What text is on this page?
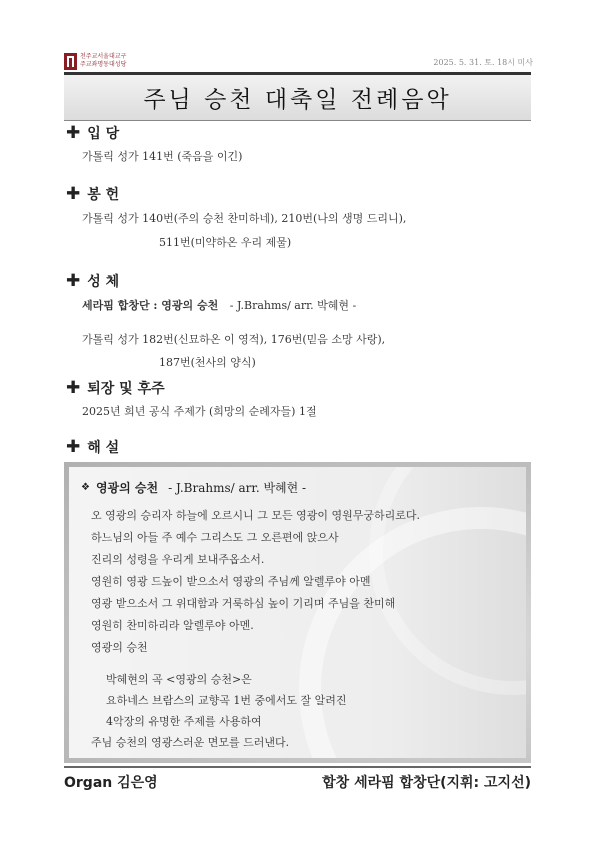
천주교서울대교구
주교좌명동대성당	2025. 5. 31. 토. 18시 미사
주님 승천 대축일 전례음악
✚ 입 당
가톨릭 성가 141번 (죽음을 이긴)
✚ 봉 헌
가톨릭 성가 140번(주의 승천 찬미하네), 210번(나의 생명 드리니),
511번(미약하온 우리 제물)
✚ 성 체
세라핌 합창단 : 영광의 승천 - J.Brahms/ arr. 박혜현 -
가톨릭 성가 182번(신묘하온 이 영적), 176번(믿음 소망 사랑),
187번(천사의 양식)
✚ 퇴장 및 후주
2025년 희년 공식 주제가 (희망의 순례자들) 1절
✚ 해 설
❖ 영광의 승천 - J.Brahms/ arr. 박혜현 -
오 영광의 승리자 하늘에 오르시니 그 모든 영광이 영원무궁하리로다.
하느님의 아들 주 예수 그리스도 그 오른편에 앉으사
진리의 성령을 우리게 보내주옵소서.
영원히 영광 드높이 받으소서 영광의 주님께 알렐루야 아멘
영광 받으소서 그 위대함과 거룩하심 높이 기리며 주님을 찬미해
영원히 찬미하리라 알렐루야 아멘.
영광의 승천
박혜현의 곡 <영광의 승천>은
요하네스 브람스의 교향곡 1번 중에서도 잘 알려진
4악장의 유명한 주제를 사용하여
주님 승천의 영광스러운 면모를 드러낸다.
Organ 김은영	합창 세라핌 합창단(지휘: 고지선)
